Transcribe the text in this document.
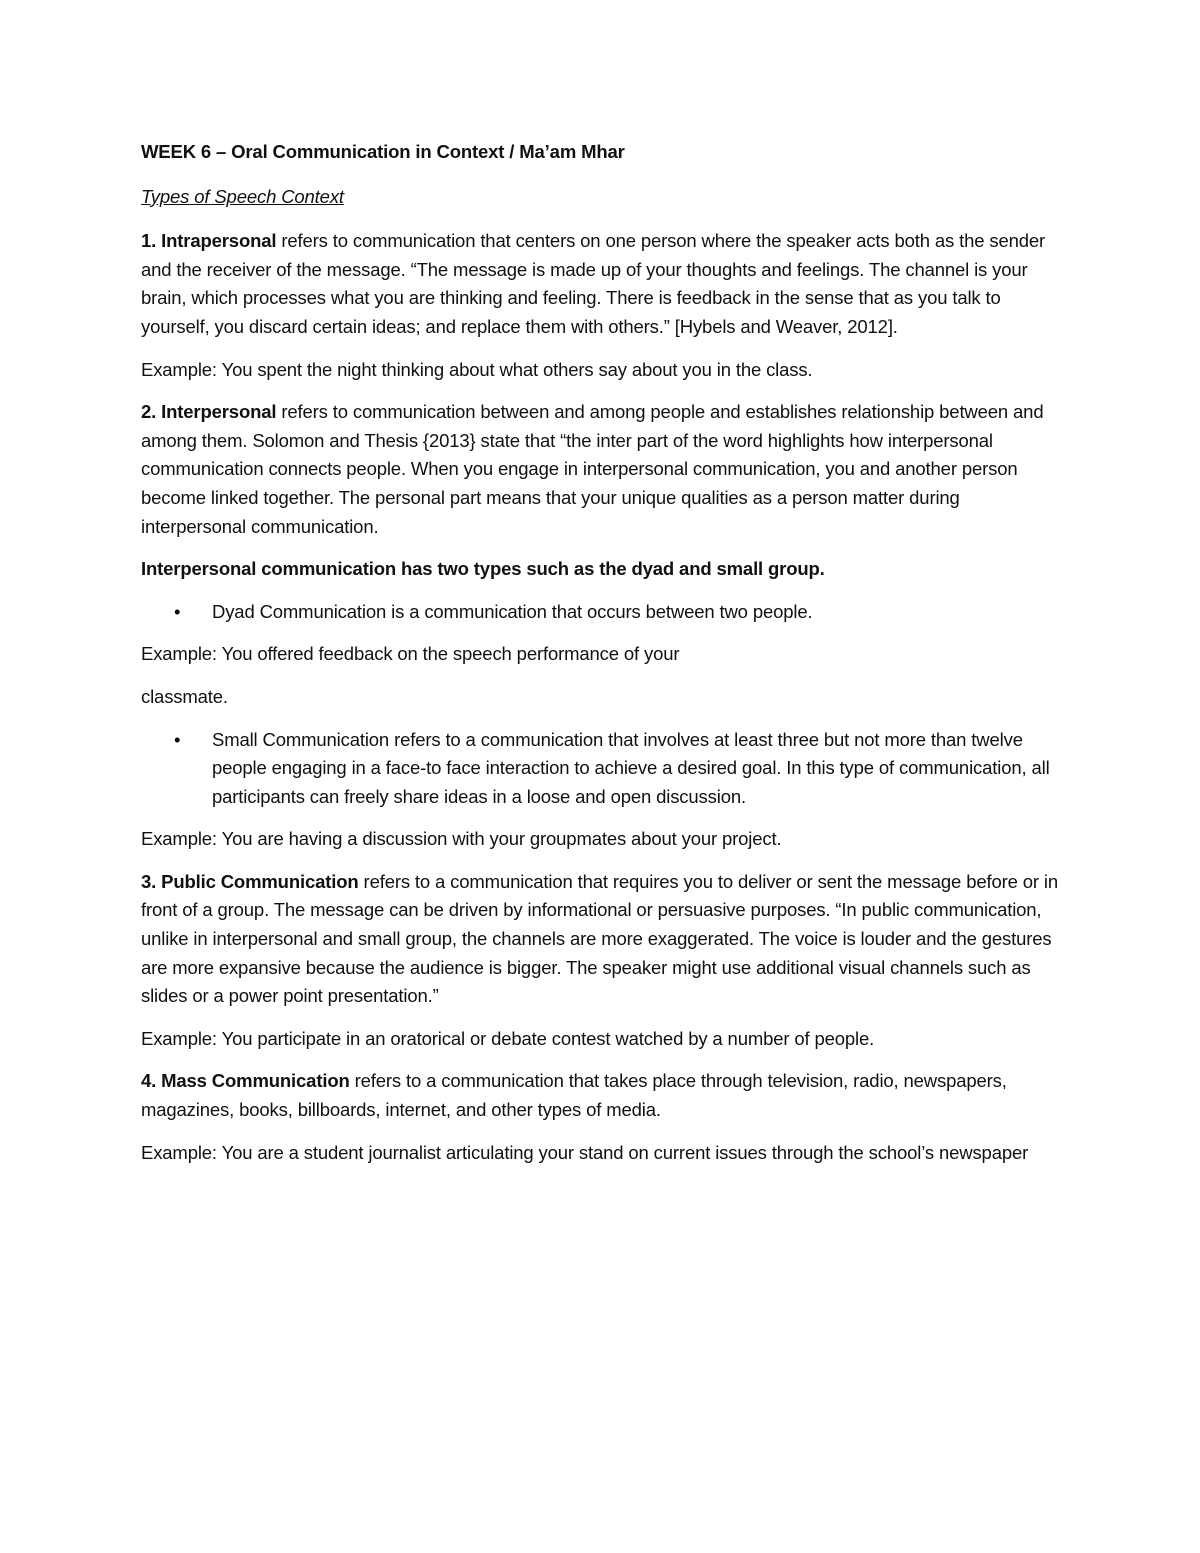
WEEK 6 – Oral Communication in Context / Ma’am Mhar

Types of Speech Context

1. Intrapersonal refers to communication that centers on one person where the speaker acts both as the sender and the receiver of the message. “The message is made up of your thoughts and feelings. The channel is your brain, which processes what you are thinking and feeling. There is feedback in the sense that as you talk to yourself, you discard certain ideas; and replace them with others.” [Hybels and Weaver, 2012].

Example: You spent the night thinking about what others say about you in the class.

2. Interpersonal refers to communication between and among people and establishes relationship between and among them. Solomon and Thesis {2013} state that “the inter part of the word highlights how interpersonal communication connects people. When you engage in interpersonal communication, you and another person become linked together. The personal part means that your unique qualities as a person matter during interpersonal communication.

Interpersonal communication has two types such as the dyad and small group.

• Dyad Communication is a communication that occurs between two people.

Example: You offered feedback on the speech performance of your

classmate.

• Small Communication refers to a communication that involves at least three but not more than twelve people engaging in a face-to face interaction to achieve a desired goal. In this type of communication, all participants can freely share ideas in a loose and open discussion.

Example: You are having a discussion with your groupmates about your project.

3. Public Communication refers to a communication that requires you to deliver or sent the message before or in front of a group. The message can be driven by informational or persuasive purposes. “In public communication, unlike in interpersonal and small group, the channels are more exaggerated. The voice is louder and the gestures are more expansive because the audience is bigger. The speaker might use additional visual channels such as slides or a power point presentation.”

Example: You participate in an oratorical or debate contest watched by a number of people.

4. Mass Communication refers to a communication that takes place through television, radio, newspapers, magazines, books, billboards, internet, and other types of media.

Example: You are a student journalist articulating your stand on current issues through the school’s newspaper
